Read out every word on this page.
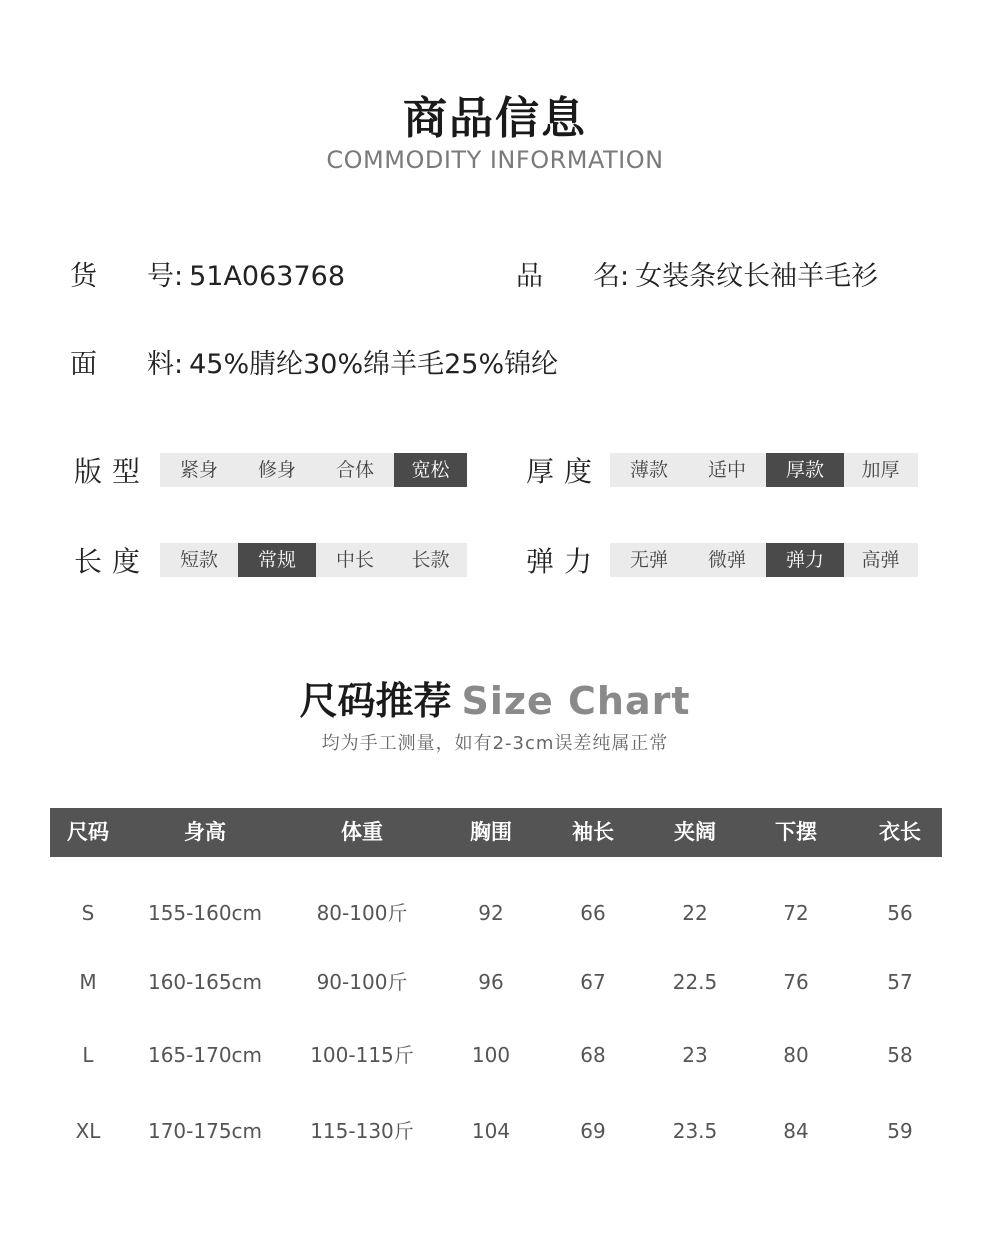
商品信息
COMMODITY INFORMATION
货 号 : 51A063768	品 名 : 女装条纹长袖羊毛衫
面 料 : 45%腈纶30%绵羊毛25%锦纶
版型	紧身	修身	合体	宽松	厚度	薄款	适中	厚款	加厚
长度	短款	常规	中长	长款	弹力	无弹	微弹	弹力	高弹
尺码推荐 Size Chart
均为手工测量，如有2-3cm误差纯属正常
尺码	身高	体重	胸围	袖长	夹阔	下摆	衣长
S	155-160cm	80-100斤	92	66	22	72	56
M	160-165cm	90-100斤	96	67	22.5	76	57
L	165-170cm 100-115斤	100	68	23	80	58
XL 170-175cm 115-130斤	104	69	23.5	84	59
